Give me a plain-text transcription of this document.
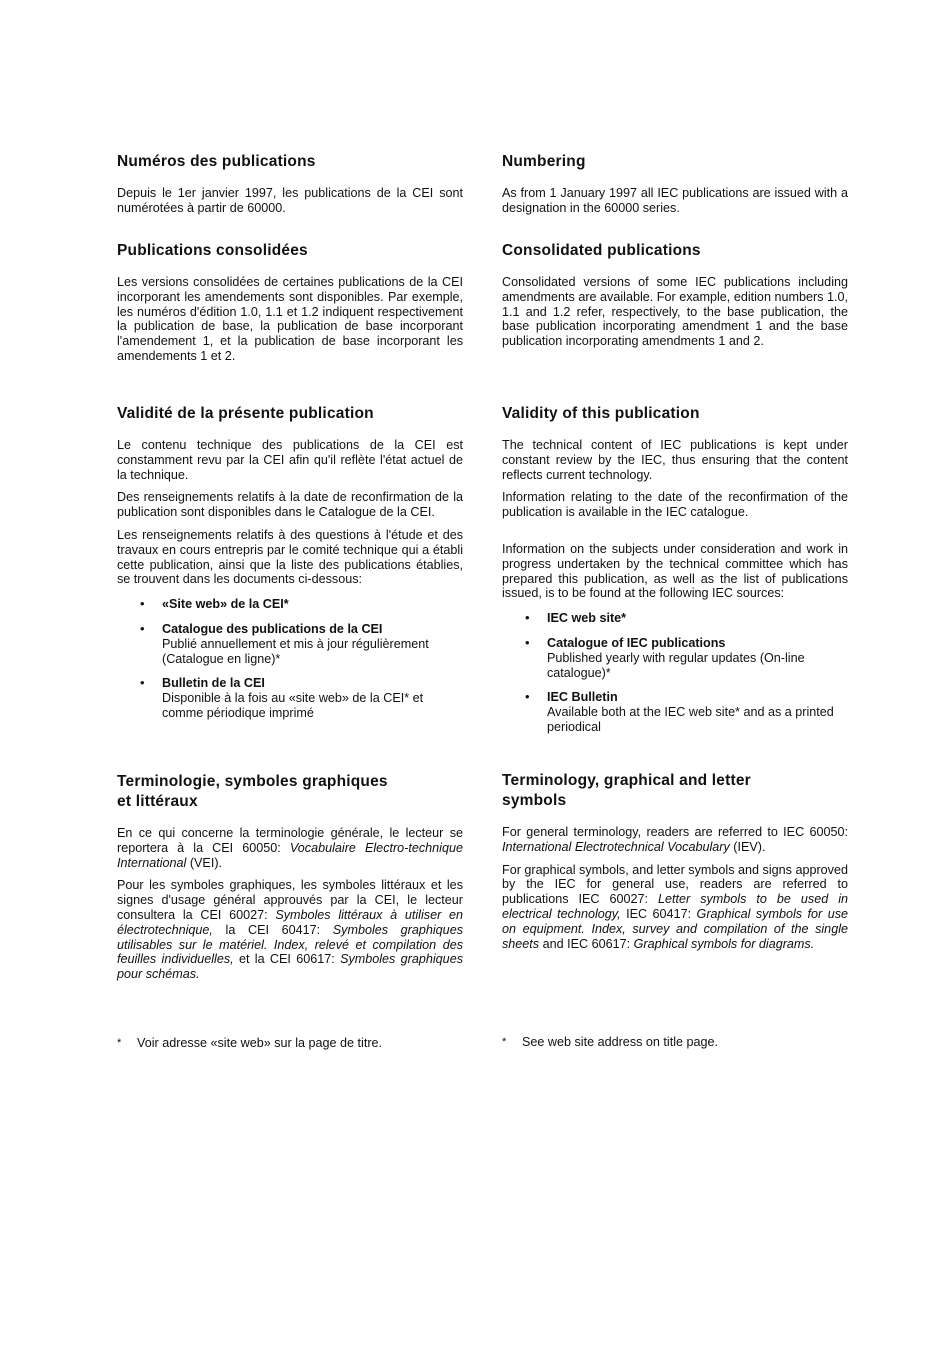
Numéros des publications

Depuis le 1er janvier 1997, les publications de la CEI sont numérotées à partir de 60000.

Publications consolidées

Les versions consolidées de certaines publications de la CEI incorporant les amendements sont disponibles. Par exemple, les numéros d'édition 1.0, 1.1 et 1.2 indiquent respectivement la publication de base, la publication de base incorporant l'amendement 1, et la publication de base incorporant les amendements 1 et 2.

Validité de la présente publication

Le contenu technique des publications de la CEI est constamment revu par la CEI afin qu'il reflète l'état actuel de la technique.

Des renseignements relatifs à la date de reconfirmation de la publication sont disponibles dans le Catalogue de la CEI.

Les renseignements relatifs à des questions à l'étude et des travaux en cours entrepris par le comité technique qui a établi cette publication, ainsi que la liste des publications établies, se trouvent dans les documents ci-dessous:

• «Site web» de la CEI*
• Catalogue des publications de la CEI
Publié annuellement et mis à jour régulièrement (Catalogue en ligne)*
• Bulletin de la CEI
Disponible à la fois au «site web» de la CEI* et comme périodique imprimé
Terminologie, symboles graphiques
et littéraux

En ce qui concerne la terminologie générale, le lecteur se reportera à la CEI 60050: Vocabulaire Electro-technique International (VEI).

Pour les symboles graphiques, les symboles littéraux et les signes d'usage général approuvés par la CEI, le lecteur consultera la CEI 60027: Symboles littéraux à utiliser en électrotechnique, la CEI 60417: Symboles graphiques utilisables sur le matériel. Index, relevé et compilation des feuilles individuelles, et la CEI 60617: Symboles graphiques pour schémas.

Numbering

As from 1 January 1997 all IEC publications are issued with a designation in the 60000 series.

Consolidated publications

Consolidated versions of some IEC publications including amendments are available. For example, edition numbers 1.0, 1.1 and 1.2 refer, respectively, to the base publication, the base publication incorporating amendment 1 and the base publication incorporating amendments 1 and 2.

Validity of this publication

The technical content of IEC publications is kept under constant review by the IEC, thus ensuring that the content reflects current technology.

Information relating to the date of the reconfirmation of the publication is available in the IEC catalogue.

Information on the subjects under consideration and work in progress undertaken by the technical committee which has prepared this publication, as well as the list of publications issued, is to be found at the following IEC sources:

• IEC web site*
• Catalogue of IEC publications
Published yearly with regular updates (On-line catalogue)*
• IEC Bulletin
Available both at the IEC web site* and as a printed periodical
Terminology, graphical and letter
symbols

For general terminology, readers are referred to IEC 60050: International Electrotechnical Vocabulary (IEV).

For graphical symbols, and letter symbols and signs approved by the IEC for general use, readers are referred to publications IEC 60027: Letter symbols to be used in electrical technology, IEC 60417: Graphical symbols for use on equipment. Index, survey and compilation of the single sheets and IEC 60617: Graphical symbols for diagrams.

* Voir adresse «site web» sur la page de titre.	* See web site address on title page.
